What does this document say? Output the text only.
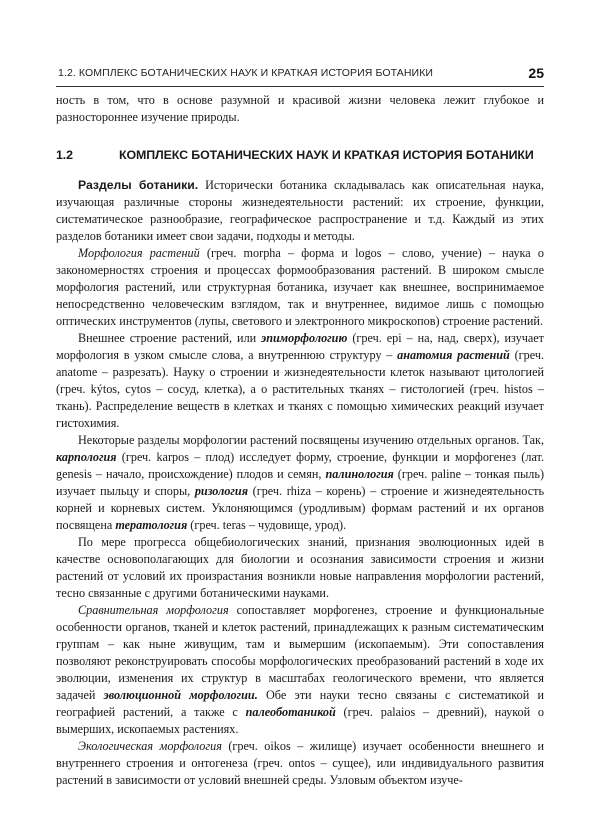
1.2. КОМПЛЕКС БОТАНИЧЕСКИХ НАУК И КРАТКАЯ ИСТОРИЯ БОТАНИКИ	25

ность в том, что в основе разумной и красивой жизни человека лежит глубокое и разностороннее изучение природы.

1.2	КОМПЛЕКС БОТАНИЧЕСКИХ НАУК И КРАТКАЯ ИСТОРИЯ БОТАНИКИ

Разделы ботаники. Исторически ботаника складывалась как описательная наука, изучающая различные стороны жизнедеятельности растений: их строение, функции, систематическое разнообразие, географическое распространение и т.д. Каждый из этих разделов ботаники имеет свои задачи, подходы и методы.

Морфология растений (греч. morpha – форма и logos – слово, учение) – наука о закономерностях строения и процессах формообразования растений. В широком смысле морфология растений, или структурная ботаника, изучает как внешнее, воспринимаемое непосредственно человеческим взглядом, так и внутреннее, видимое лишь с помощью оптических инструментов (лупы, светового и электронного микроскопов) строение растений.

Внешнее строение растений, или эпиморфологию (греч. epi – на, над, сверх), изучает морфология в узком смысле слова, а внутреннюю структуру – анатомия растений (греч. anatome – разрезать). Науку о строении и жизнедеятельности клеток называют цитологией (греч. kýtos, cytos – сосуд, клетка), а о растительных тканях – гистологией (греч. histos – ткань). Распределение веществ в клетках и тканях с помощью химических реакций изучает гистохимия.

Некоторые разделы морфологии растений посвящены изучению отдельных органов. Так, карпология (греч. karpos – плод) исследует форму, строение, функции и морфогенез (лат. genesis – начало, происхождение) плодов и семян, палинология (греч. paline – тонкая пыль) изучает пыльцу и споры, ризология (греч. rhiza – корень) – строение и жизнедеятельность корней и корневых систем. Уклоняющимся (уродливым) формам растений и их органов посвящена тератология (греч. teras – чудовище, урод).

По мере прогресса общебиологических знаний, признания эволюционных идей в качестве основополагающих для биологии и осознания зависимости строения и жизни растений от условий их произрастания возникли новые направления морфологии растений, тесно связанные с другими ботаническими науками.

Сравнительная морфология сопоставляет морфогенез, строение и функциональные особенности органов, тканей и клеток растений, принадлежащих к разным систематическим группам – как ныне живущим, там и вымершим (ископаемым). Эти сопоставления позволяют реконструировать способы морфологических преобразований растений в ходе их эволюции, изменения их структур в масштабах геологического времени, что является задачей эволюционной морфологии. Обе эти науки тесно связаны с систематикой и географией растений, а также с палеоботаникой (греч. palaios – древний), наукой о вымерших, ископаемых растениях.

Экологическая морфология (греч. oikos – жилище) изучает особенности внешнего и внутреннего строения и онтогенеза (греч. ontos – сущее), или индивидуального развития растений в зависимости от условий внешней среды. Узловым объектом изуче-
